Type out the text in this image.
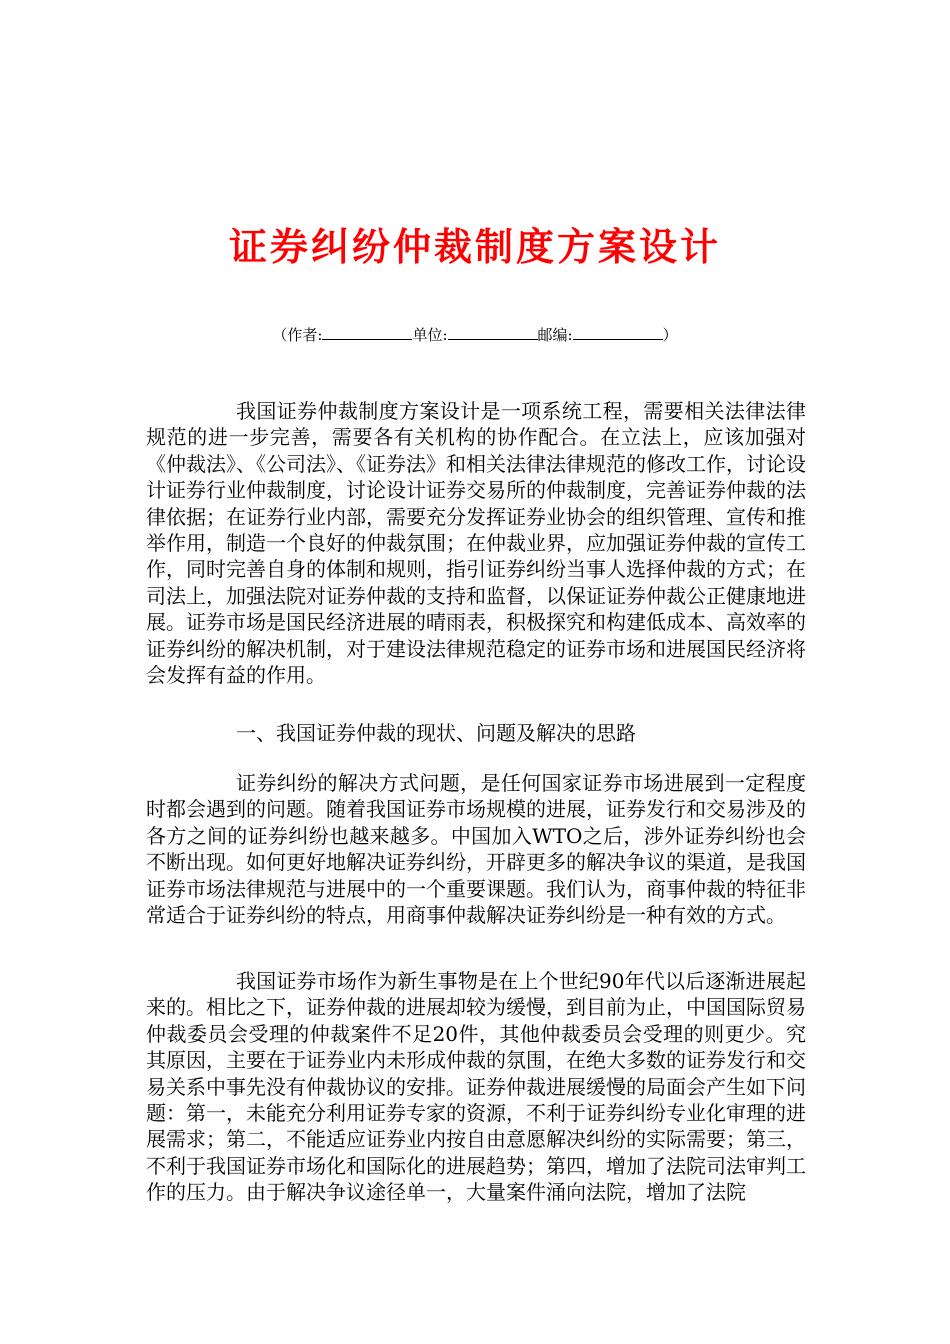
证券纠纷仲裁制度方案设计
（作者:	单位:	邮编:	）
我国证券仲裁制度方案设计是一项系统工程，需要相关法律法律规范的进一步完善，需要各有关机构的协作配合。在立法上，应该加强对《仲裁法》、《公司法》、《证券法》和相关法律法律规范的修改工作，讨论设计证券行业仲裁制度，讨论设计证券交易所的仲裁制度，完善证券仲裁的法律依据；在证券行业内部，需要充分发挥证券业协会的组织管理、宣传和推举作用，制造一个良好的仲裁氛围；在仲裁业界，应加强证券仲裁的宣传工作，同时完善自身的体制和规则，指引证券纠纷当事人选择仲裁的方式；在司法上，加强法院对证券仲裁的支持和监督，以保证证券仲裁公正健康地进展。证券市场是国民经济进展的晴雨表，积极探究和构建低成本、高效率的证券纠纷的解决机制，对于建设法律规范稳定的证券市场和进展国民经济将会发挥有益的作用。
一、我国证券仲裁的现状、问题及解决的思路
证券纠纷的解决方式问题，是任何国家证券市场进展到一定程度时都会遇到的问题。随着我国证券市场规模的进展，证券发行和交易涉及的各方之间的证券纠纷也越来越多。中国加入WTO之后，涉外证券纠纷也会不断出现。如何更好地解决证券纠纷，开辟更多的解决争议的渠道，是我国证券市场法律规范与进展中的一个重要课题。我们认为，商事仲裁的特征非常适合于证券纠纷的特点，用商事仲裁解决证券纠纷是一种有效的方式。
我国证券市场作为新生事物是在上个世纪90年代以后逐渐进展起来的。相比之下，证券仲裁的进展却较为缓慢，到目前为止，中国国际贸易仲裁委员会受理的仲裁案件不足20件，其他仲裁委员会受理的则更少。究其原因，主要在于证券业内未形成仲裁的氛围，在绝大多数的证券发行和交易关系中事先没有仲裁协议的安排。证券仲裁进展缓慢的局面会产生如下问题：第一，未能充分利用证券专家的资源，不利于证券纠纷专业化审理的进展需求；第二，不能适应证券业内按自由意愿解决纠纷的实际需要；第三，不利于我国证券市场化和国际化的进展趋势；第四，增加了法院司法审判工作的压力。由于解决争议途径单一，大量案件涌向法院，增加了法院
